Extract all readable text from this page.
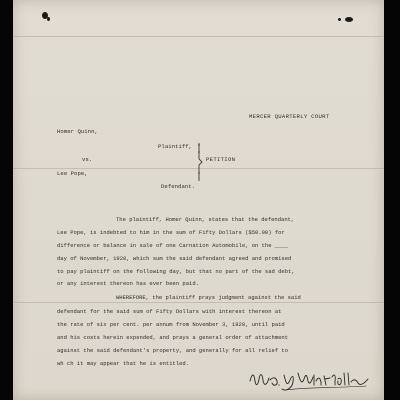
MERCER QUARTERLY COURT
Homer Quinn,
Plaintiff,
vs.	PETITION
Lee Pope,
Defendant.
The plaintiff, Homer Quinn, states that the defendant,
Lee Pope, is indebted to him in the sum of Fifty Dollars ($50.00) for
difference or balance in sale of one Carnation Automobile, on the ____
day of November, 1920, which sum the said defendant agreed and promised
to pay plaintiff on the following day, but that no part of the sad debt,
or any interest thereon has ever been paid.
WHEREFORE, the plaintiff prays judgment against the said
defendant for the said sum of Fifty Dollars with interest thereon at
the rate of six per cent. per annum from November 3, 1920, until paid
and his costs herein expended, and prays a general order of attachment
against the said defendant's property, and generally for all relief to
wh ch it may appear that he is entitled.
